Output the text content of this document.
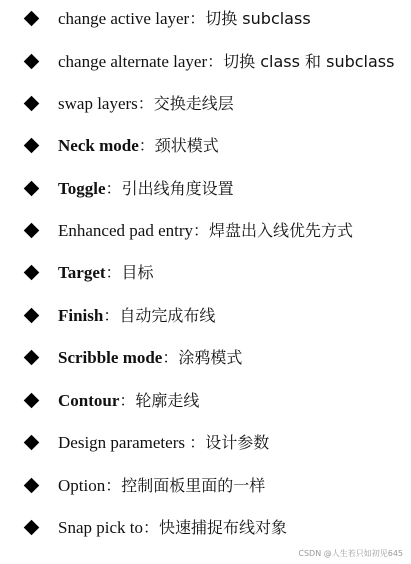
change active layer：切换 subclass
change alternate layer：切换 class 和 subclass
swap layers：交换走线层
Neck mode：颈状模式
Toggle：引出线角度设置
Enhanced pad entry：焊盘出入线优先方式
Target：目标
Finish：自动完成布线
Scribble mode：涂鸦模式
Contour：轮廓走线
Design parameters ：设计参数
Option：控制面板里面的一样
Snap pick to：快速捕捉布线对象
CSDN @人生若只如初见645
